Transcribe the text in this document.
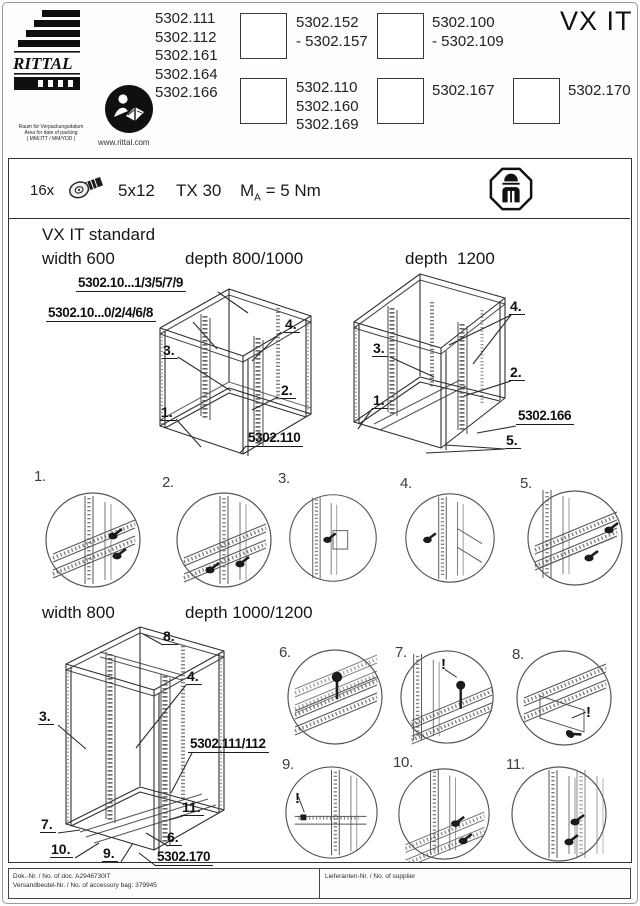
RITTAL
Raum für Verpackungsdatum
Area for date of packing
( MM/JTT / MM/YDD )	www.rittal.com
5302.111
5302.112
5302.161
5302.164
5302.166
5302.152
- 5302.157
5302.110
5302.160
5302.169
5302.100
- 5302.109
5302.167	5302.170
VX IT
16x	5x12 TX 30 $M_A = 5$ Nm
VX IT standard
width 600	depth 800/1000	depth 1200
5302.10...1/3/5/7/9
5302.10...0/2/4/6/8
3.
1.
4.
2.
5302.110
3.
1.
4.
2.
5302.166
5.
1.	2.	3.	4.	5.
width 800	depth 1000/1200
8.
4.
3.
5302.111/112
11.
7.
10. 9.
6.
5302.170
6.	7.
!
8.
!
9.
!
10.	11.
Dok.-Nr. / No. of doc. A2946730IT
Versandbeutel-Nr. / No. of accessory bag: 379945
Lieferanten-Nr. / No. of supplier
